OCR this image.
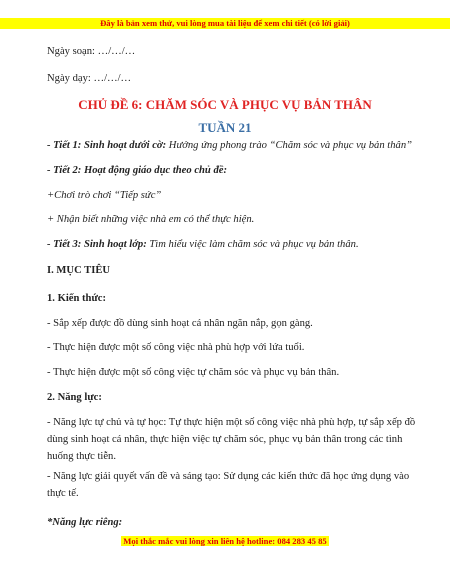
Đây là bản xem thử, vui lòng mua tài liệu để xem chi tiết (có lời giải)
Ngày soạn: …/…/…
Ngày dạy: …/…/…
CHỦ ĐỀ 6: CHĂM SÓC VÀ PHỤC VỤ BẢN THÂN
TUẦN 21
- Tiết 1: Sinh hoạt dưới cờ: Hướng ứng phong trào “Chăm sóc và phục vụ bản thân”
- Tiết 2: Hoạt động giáo dục theo chủ đề:
+Chơi trò chơi “Tiếp sức”
+ Nhận biết những việc nhà em có thể thực hiện.
- Tiết 3: Sinh hoạt lớp: Tìm hiểu việc làm chăm sóc và phục vụ bản thân.
I. MỤC TIÊU
1. Kiến thức:
- Sắp xếp được đồ dùng sinh hoạt cá nhân ngăn nắp, gọn gàng.
- Thực hiện được một số công việc nhà phù hợp với lứa tuổi.
- Thực hiện được một số công việc tự chăm sóc và phục vụ bản thân.
2. Năng lực:
- Năng lực tự chủ và tự học: Tự thực hiện một số công việc nhà phù hợp, tự sắp xếp đồ dùng sinh hoạt cá nhân, thực hiện việc tự chăm sóc, phục vụ bản thân trong các tình huống thực tiễn.
- Năng lực giải quyết vấn đề và sáng tạo: Sử dụng các kiến thức đã học ứng dụng vào thực tế.
*Năng lực riêng:
Mọi thắc mắc vui lòng xin liên hệ hotline: 084 283 45 85
